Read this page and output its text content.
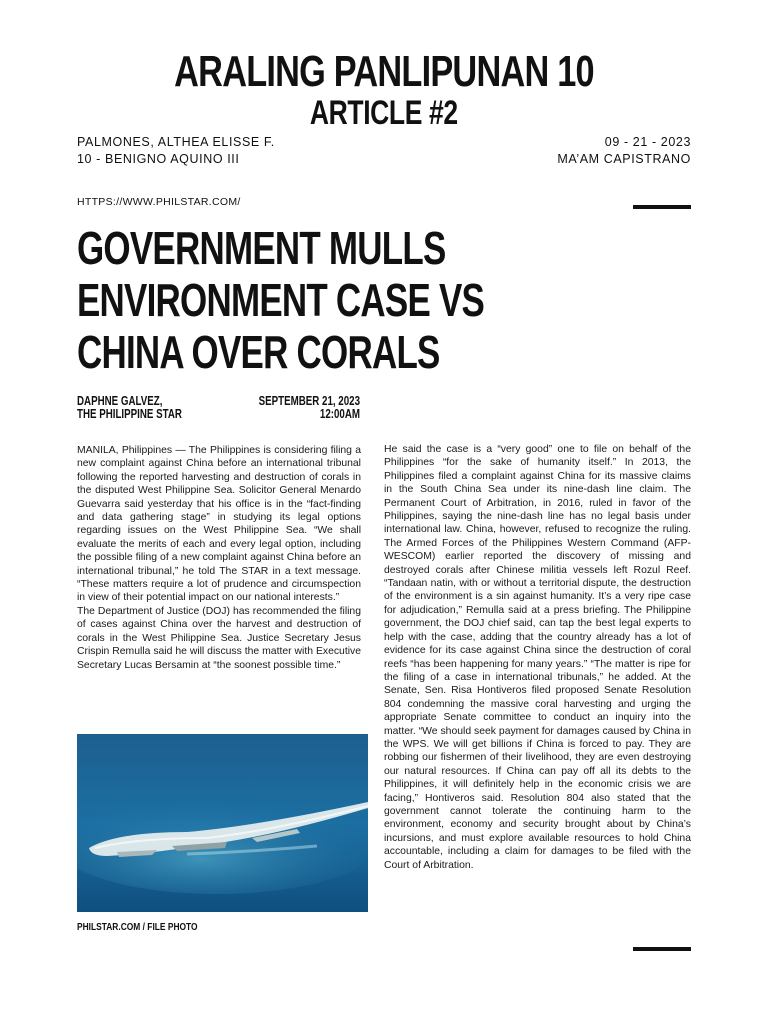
ARALING PANLIPUNAN 10
ARTICLE #2
PALMONES, ALTHEA ELISSE F.
10 - BENIGNO AQUINO III
09 - 21 - 2023
MA’AM CAPISTRANO
HTTPS://WWW.PHILSTAR.COM/
GOVERNMENT MULLS
ENVIRONMENT CASE VS
CHINA OVER CORALS
DAPHNE GALVEZ,
THE PHILIPPINE STAR
SEPTEMBER 21, 2023
12:00AM

MANILA, Philippines — The Philippines is considering filing a new complaint against China before an international tribunal following the reported harvesting and destruction of corals in the disputed West Philippine Sea. Solicitor General Menardo Guevarra said yesterday that his office is in the “fact-finding and data gathering stage” in studying its legal options regarding issues on the West Philippine Sea. “We shall evaluate the merits of each and every legal option, including the possible filing of a new complaint against China before an international tribunal,” he told The STAR in a text message. “These matters require a lot of prudence and circumspection in view of their potential impact on our national interests.”

The Department of Justice (DOJ) has recommended the filing of cases against China over the harvest and destruction of corals in the West Philippine Sea. Justice Secretary Jesus Crispin Remulla said he will discuss the matter with Executive Secretary Lucas Bersamin at “the soonest possible time.”

PHILSTAR.COM / FILE PHOTO

He said the case is a “very good” one to file on behalf of the Philippines “for the sake of humanity itself.” In 2013, the Philippines filed a complaint against China for its massive claims in the South China Sea under its nine-dash line claim. The Permanent Court of Arbitration, in 2016, ruled in favor of the Philippines, saying the nine-dash line has no legal basis under international law. China, however, refused to recognize the ruling. The Armed Forces of the Philippines Western Command (AFP-WESCOM) earlier reported the discovery of missing and destroyed corals after Chinese militia vessels left Rozul Reef. “Tandaan natin, with or without a territorial dispute, the destruction of the environment is a sin against humanity. It’s a very ripe case for adjudication,” Remulla said at a press briefing. The Philippine government, the DOJ chief said, can tap the best legal experts to help with the case, adding that the country already has a lot of evidence for its case against China since the destruction of coral reefs “has been happening for many years.” “The matter is ripe for the filing of a case in international tribunals,” he added. At the Senate, Sen. Risa Hontiveros filed proposed Senate Resolution 804 condemning the massive coral harvesting and urging the appropriate Senate committee to conduct an inquiry into the matter. “We should seek payment for damages caused by China in the WPS. We will get billions if China is forced to pay. They are robbing our fishermen of their livelihood, they are even destroying our natural resources. If China can pay off all its debts to the Philippines, it will definitely help in the economic crisis we are facing,” Hontiveros said. Resolution 804 also stated that the government cannot tolerate the continuing harm to the environment, economy and security brought about by China’s incursions, and must explore available resources to hold China accountable, including a claim for damages to be filed with the Court of Arbitration.
